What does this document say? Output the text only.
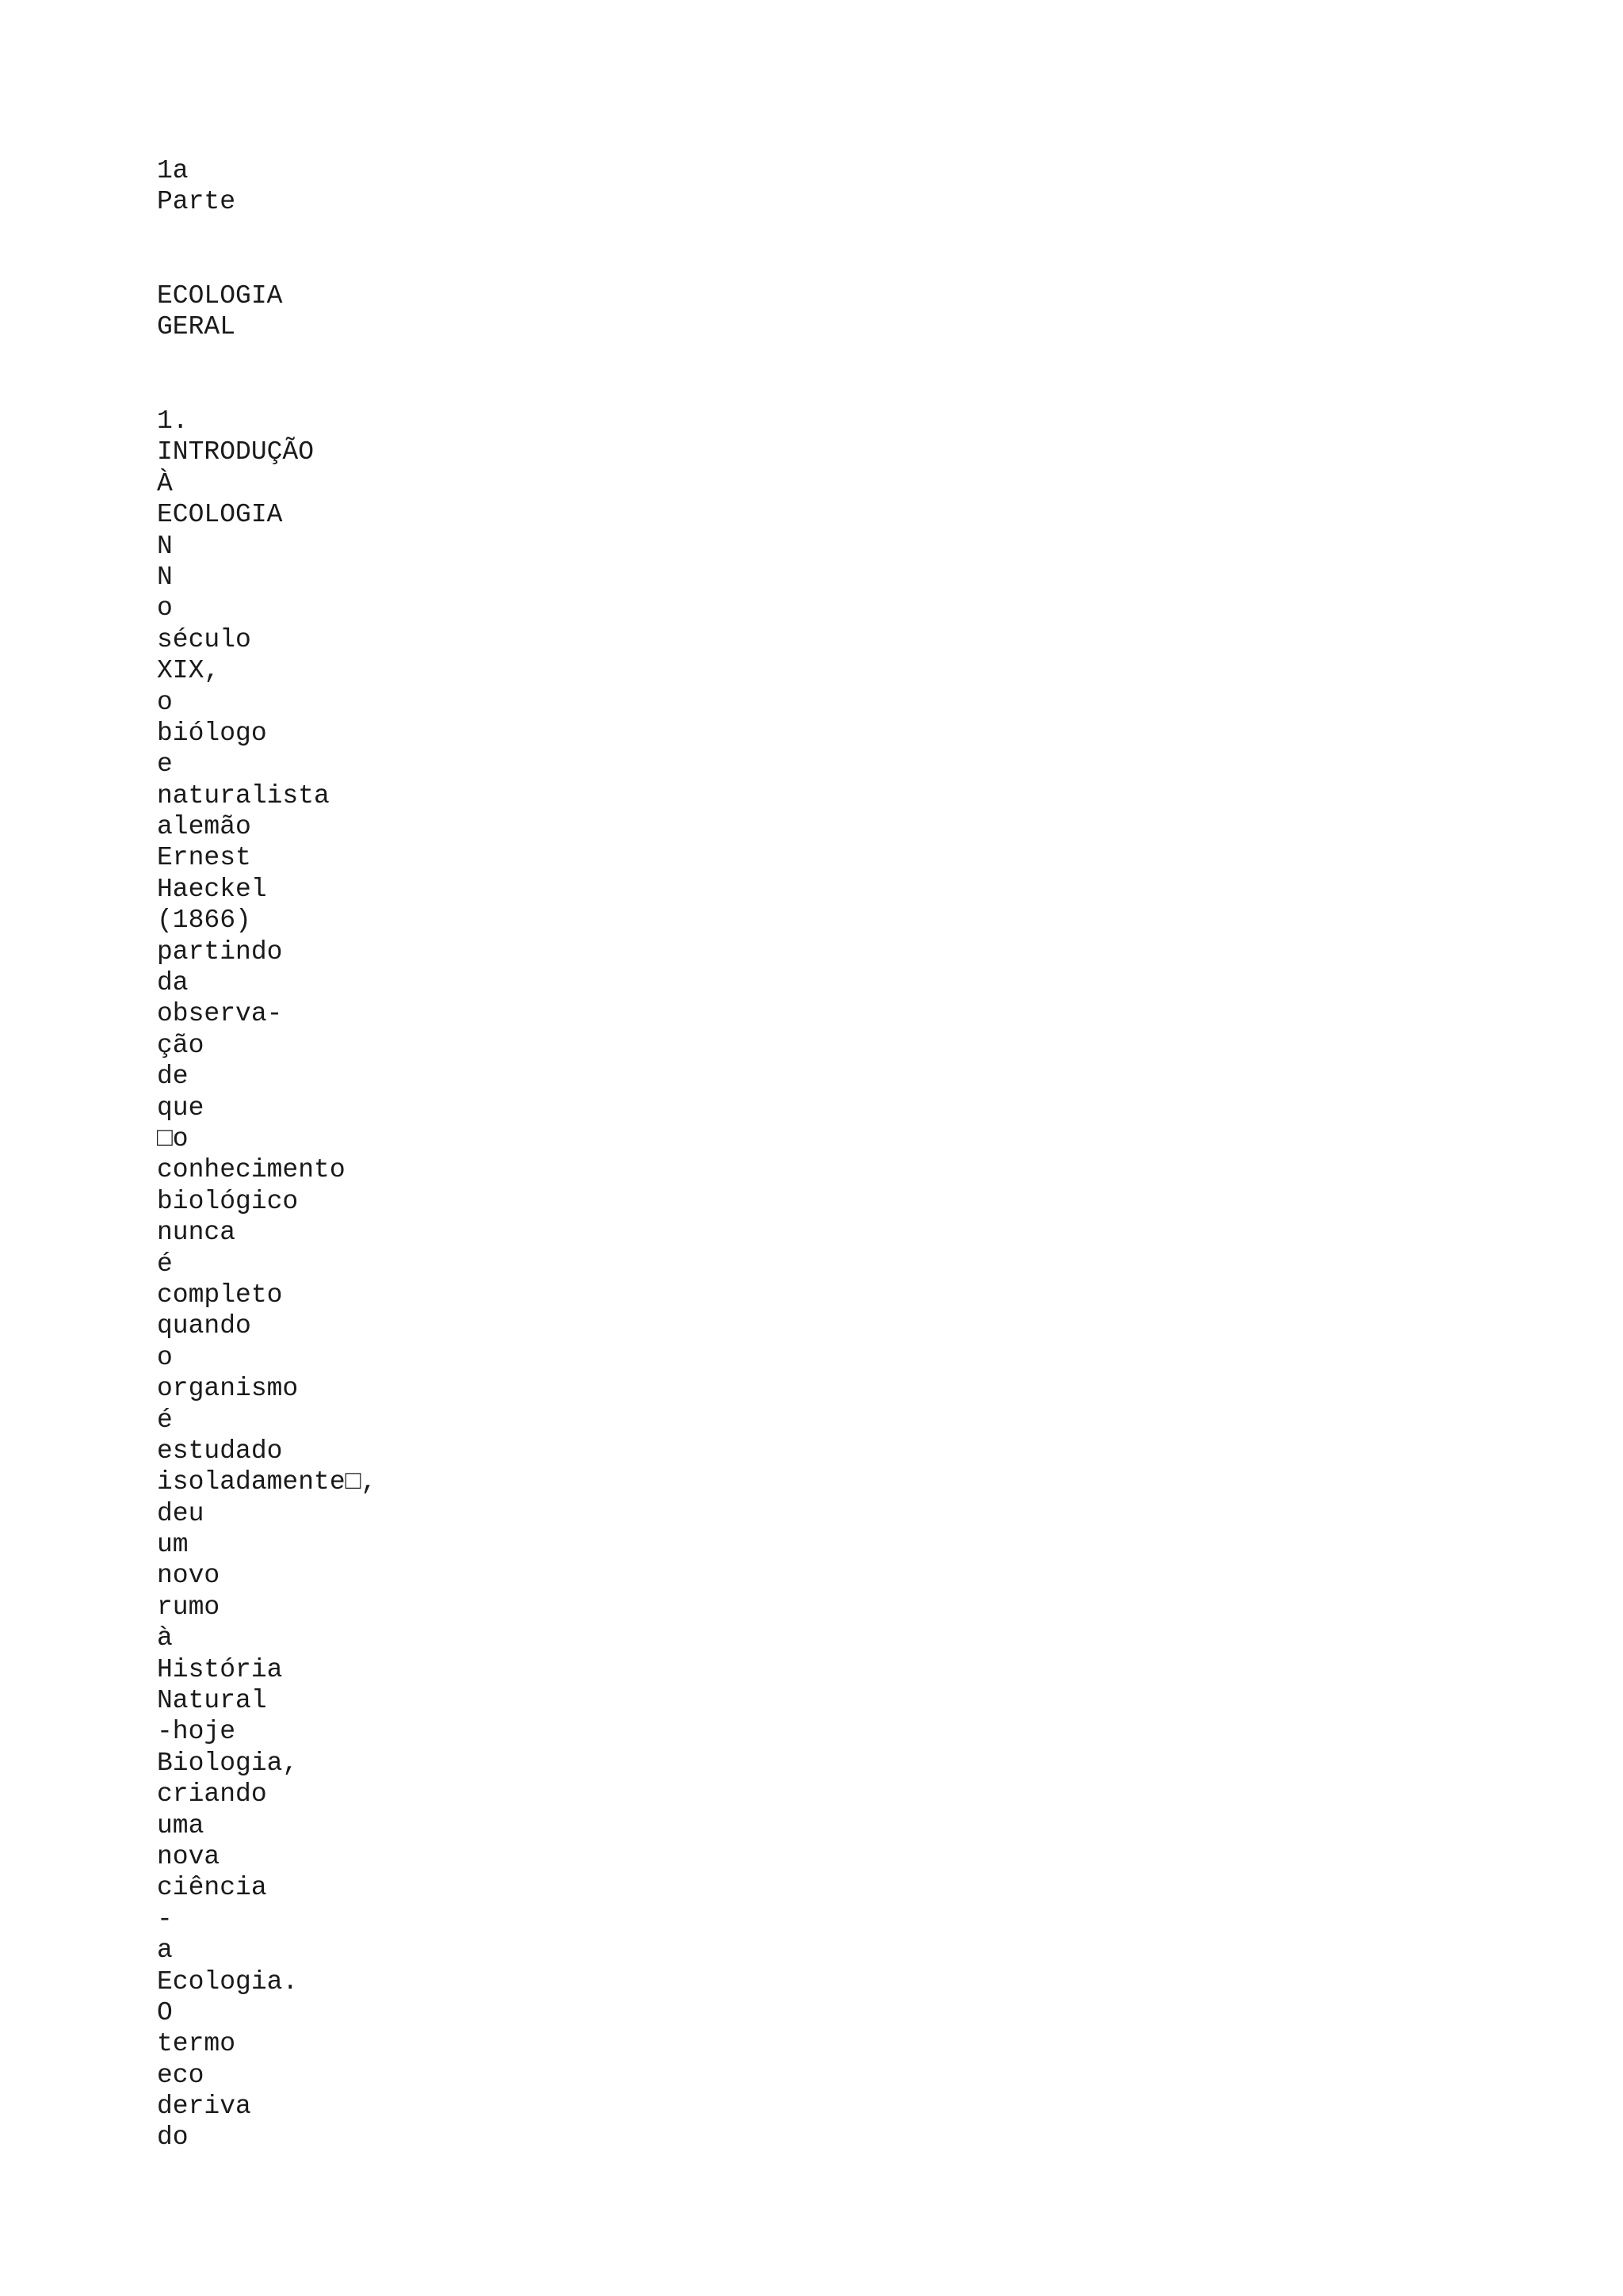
1a
Parte
ECOLOGIA
GERAL
1.
INTRODUÇÃO
À
ECOLOGIA
N
N
o
século
XIX,
o
biólogo
e
naturalista
alemão
Ernest
Haeckel
(1866)
partindo
da
observa-
ção
de
que
□o
conhecimento
biológico
nunca
é
completo
quando
o
organismo
é
estudado
isoladamente□,
deu
um
novo
rumo
à
História
Natural
-hoje
Biologia,
criando
uma
nova
ciência
-
a
Ecologia.
O
termo
eco
deriva
do
